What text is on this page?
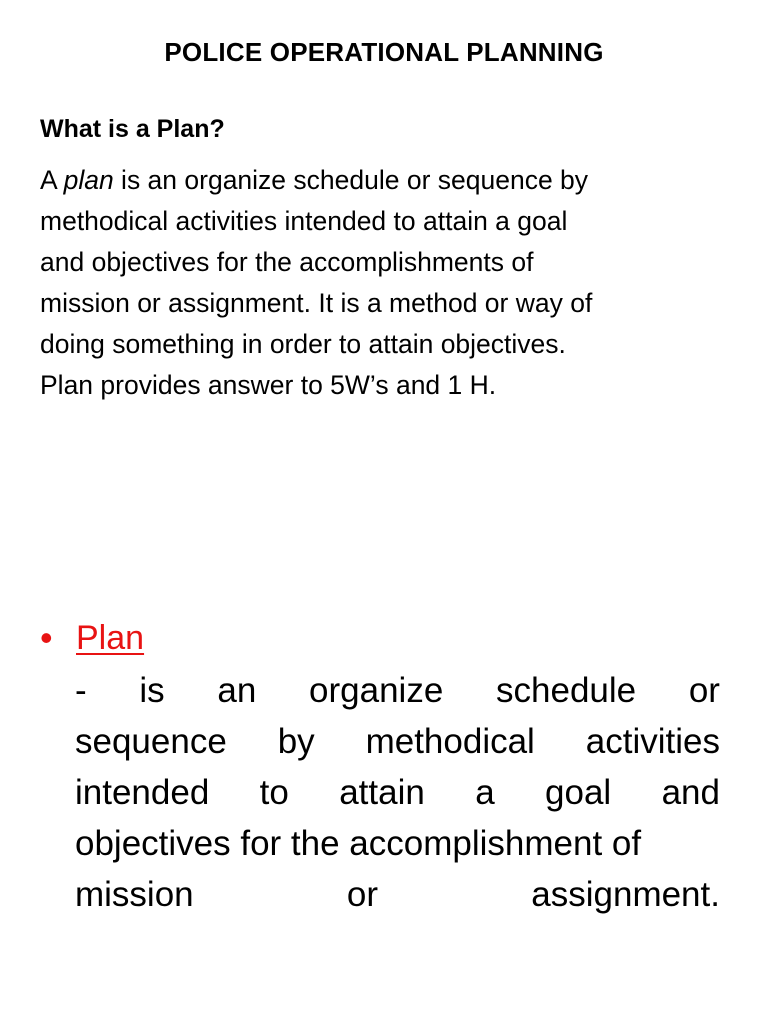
POLICE OPERATIONAL PLANNING
What is a Plan?

A plan is an organize schedule or sequence by
methodical activities intended to attain a goal
and objectives for the accomplishments of
mission or assignment. It is a method or way of
doing something in order to attain objectives.
Plan provides answer to 5W’s and 1 H.

• Plan
- is an organize schedule or
sequence by methodical activities
intended to attain a goal and
objectives for the accomplishment of
mission	or	assignment.
